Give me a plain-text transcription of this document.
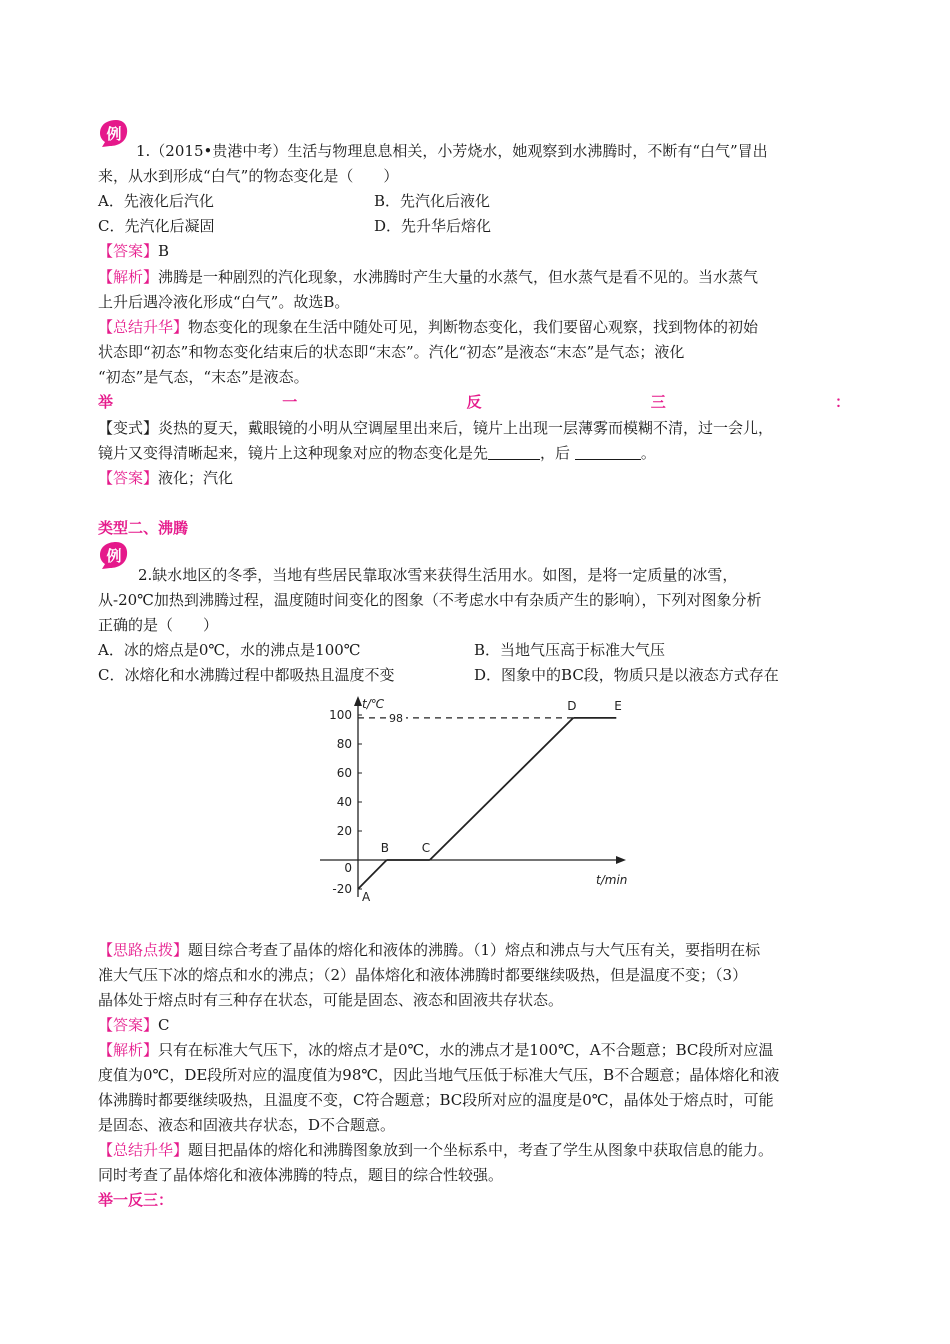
例
1.（2015•贵港中考）生活与物理息息相关，小芳烧水，她观察到水沸腾时，不断有“白气”冒出
来，从水到形成“白气”的物态变化是（　　）
A．先液化后汽化	B．先汽化后液化
C．先汽化后凝固	D．先升华后熔化
【答案】B
【解析】沸腾是一种剧烈的汽化现象，水沸腾时产生大量的水蒸气，但水蒸气是看不见的。当水蒸气
上升后遇冷液化形成“白气”。故选B。
【总结升华】物态变化的现象在生活中随处可见，判断物态变化，我们要留心观察，找到物体的初始
状态即“初态”和物态变化结束后的状态即“末态”。汽化“初态”是液态“末态”是气态；液化
“初态”是气态，“末态”是液态。
举	一	反	三	：
【变式】炎热的夏天，戴眼镜的小明从空调屋里出来后，镜片上出现一层薄雾而模糊不清，过一会儿，
镜片又变得清晰起来，镜片上这种现象对应的物态变化是先	，后	。
【答案】液化；汽化
类型二、沸腾
例
2.缺水地区的冬季，当地有些居民靠取冰雪来获得生活用水。如图，是将一定质量的冰雪，
从-20℃加热到沸腾过程，温度随时间变化的图象（不考虑水中有杂质产生的影响），下列对图象分析
正确的是（　　）
A．冰的熔点是0℃，水的沸点是100℃	B．当地气压高于标准大气压
C．冰熔化和水沸腾过程中都吸热且温度不变	D．图象中的BC段，物质只是以液态方式存在
t/℃
t/min
100
80
60
40
20
0
-20
98
A
B	C
D	E
【思路点拨】题目综合考查了晶体的熔化和液体的沸腾。（1）熔点和沸点与大气压有关，要指明在标
准大气压下冰的熔点和水的沸点；（2）晶体熔化和液体沸腾时都要继续吸热，但是温度不变；（3）
晶体处于熔点时有三种存在状态，可能是固态、液态和固液共存状态。
【答案】C
【解析】只有在标准大气压下，冰的熔点才是0℃，水的沸点才是100℃，A不合题意；BC段所对应温
度值为0℃，DE段所对应的温度值为98℃，因此当地气压低于标准大气压，B不合题意；晶体熔化和液
体沸腾时都要继续吸热，且温度不变，C符合题意；BC段所对应的温度是0℃，晶体处于熔点时，可能
是固态、液态和固液共存状态，D不合题意。
【总结升华】题目把晶体的熔化和沸腾图象放到一个坐标系中，考查了学生从图象中获取信息的能力。
同时考查了晶体熔化和液体沸腾的特点，题目的综合性较强。
举一反三：
